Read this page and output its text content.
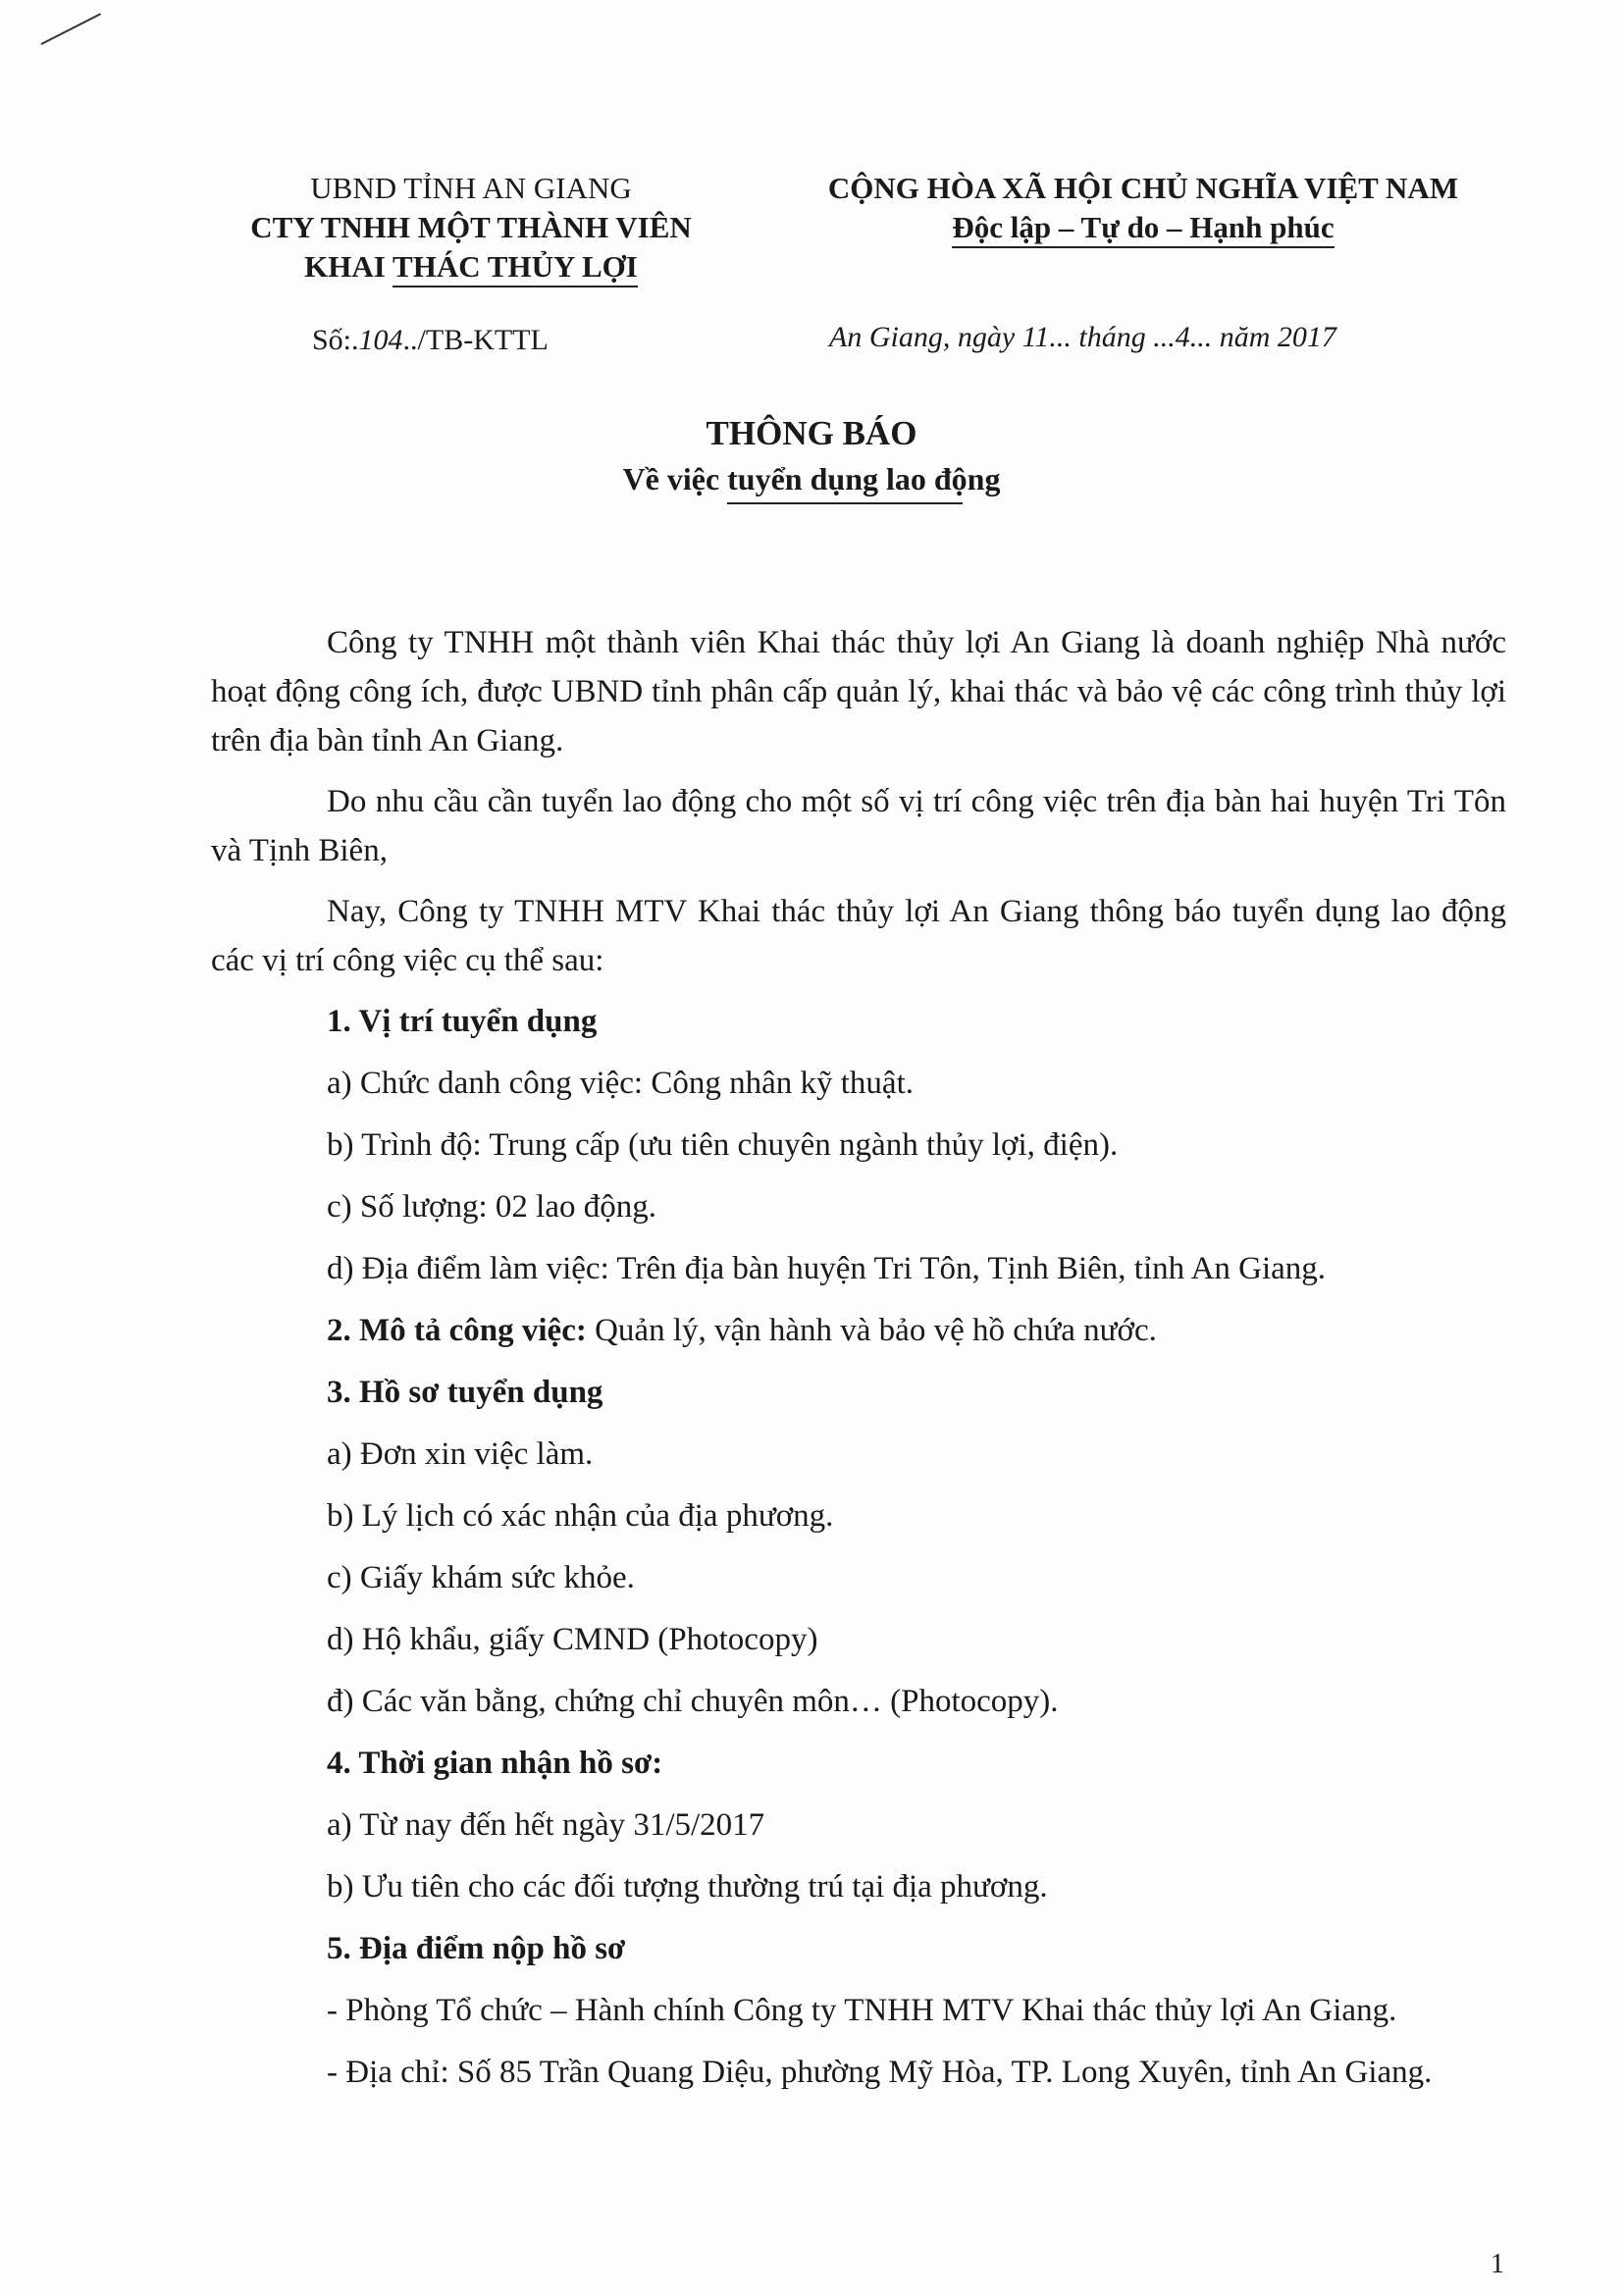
UBND TỈNH AN GIANG
CTY TNHH MỘT THÀNH VIÊN
KHAI THÁC THỦY LỢI
CỘNG HÒA XÃ HỘI CHỦ NGHĨA VIỆT NAM
Độc lập – Tự do – Hạnh phúc
Số:.104../TB-KTTL	An Giang, ngày 11... tháng ...4... năm 2017
THÔNG BÁO
Về việc tuyển dụng lao động

Công ty TNHH một thành viên Khai thác thủy lợi An Giang là doanh nghiệp Nhà nước hoạt động công ích, được UBND tỉnh phân cấp quản lý, khai thác và bảo vệ các công trình thủy lợi trên địa bàn tỉnh An Giang.

Do nhu cầu cần tuyển lao động cho một số vị trí công việc trên địa bàn hai huyện Tri Tôn và Tịnh Biên,

Nay, Công ty TNHH MTV Khai thác thủy lợi An Giang thông báo tuyển dụng lao động các vị trí công việc cụ thể sau:

1. Vị trí tuyển dụng

a) Chức danh công việc: Công nhân kỹ thuật.

b) Trình độ: Trung cấp (ưu tiên chuyên ngành thủy lợi, điện).

c) Số lượng: 02 lao động.

d) Địa điểm làm việc: Trên địa bàn huyện Tri Tôn, Tịnh Biên, tỉnh An Giang.

2. Mô tả công việc: Quản lý, vận hành và bảo vệ hồ chứa nước.

3. Hồ sơ tuyển dụng

a) Đơn xin việc làm.

b) Lý lịch có xác nhận của địa phương.

c) Giấy khám sức khỏe.

d) Hộ khẩu, giấy CMND (Photocopy)

đ) Các văn bằng, chứng chỉ chuyên môn… (Photocopy).

4. Thời gian nhận hồ sơ:

a) Từ nay đến hết ngày 31/5/2017

b) Ưu tiên cho các đối tượng thường trú tại địa phương.

5. Địa điểm nộp hồ sơ

- Phòng Tổ chức – Hành chính Công ty TNHH MTV Khai thác thủy lợi An Giang.

- Địa chỉ: Số 85 Trần Quang Diệu, phường Mỹ Hòa, TP. Long Xuyên, tỉnh An Giang.

1
